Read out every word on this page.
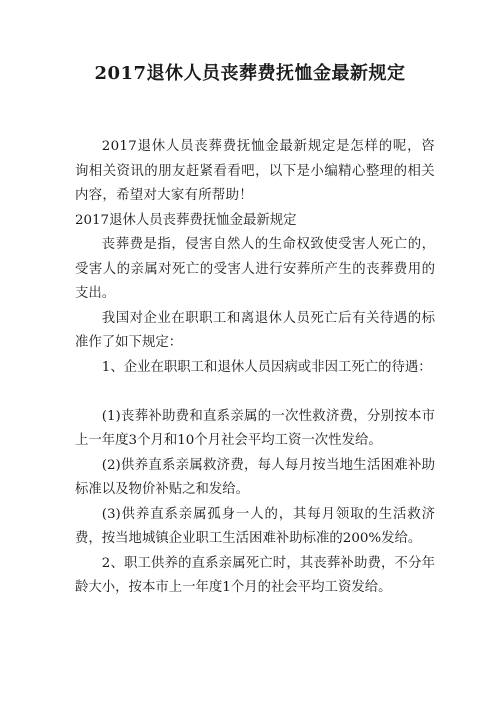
2017退休人员丧葬费抚恤金最新规定

2017退休人员丧葬费抚恤金最新规定是怎样的呢，咨询相关资讯的朋友赶紧看看吧，以下是小编精心整理的相关内容，希望对大家有所帮助！

2017退休人员丧葬费抚恤金最新规定

丧葬费是指，侵害自然人的生命权致使受害人死亡的，受害人的亲属对死亡的受害人进行安葬所产生的丧葬费用的支出。

我国对企业在职职工和离退休人员死亡后有关待遇的标准作了如下规定：

1、企业在职职工和退休人员因病或非因工死亡的待遇：

(1)丧葬补助费和直系亲属的一次性救济费，分别按本市上一年度3个月和10个月社会平均工资一次性发给。

(2)供养直系亲属救济费，每人每月按当地生活困难补助标准以及物价补贴之和发给。

(3)供养直系亲属孤身一人的，其每月领取的生活救济费，按当地城镇企业职工生活困难补助标准的200%发给。

2、职工供养的直系亲属死亡时，其丧葬补助费，不分年龄大小，按本市上一年度1个月的社会平均工资发给。
